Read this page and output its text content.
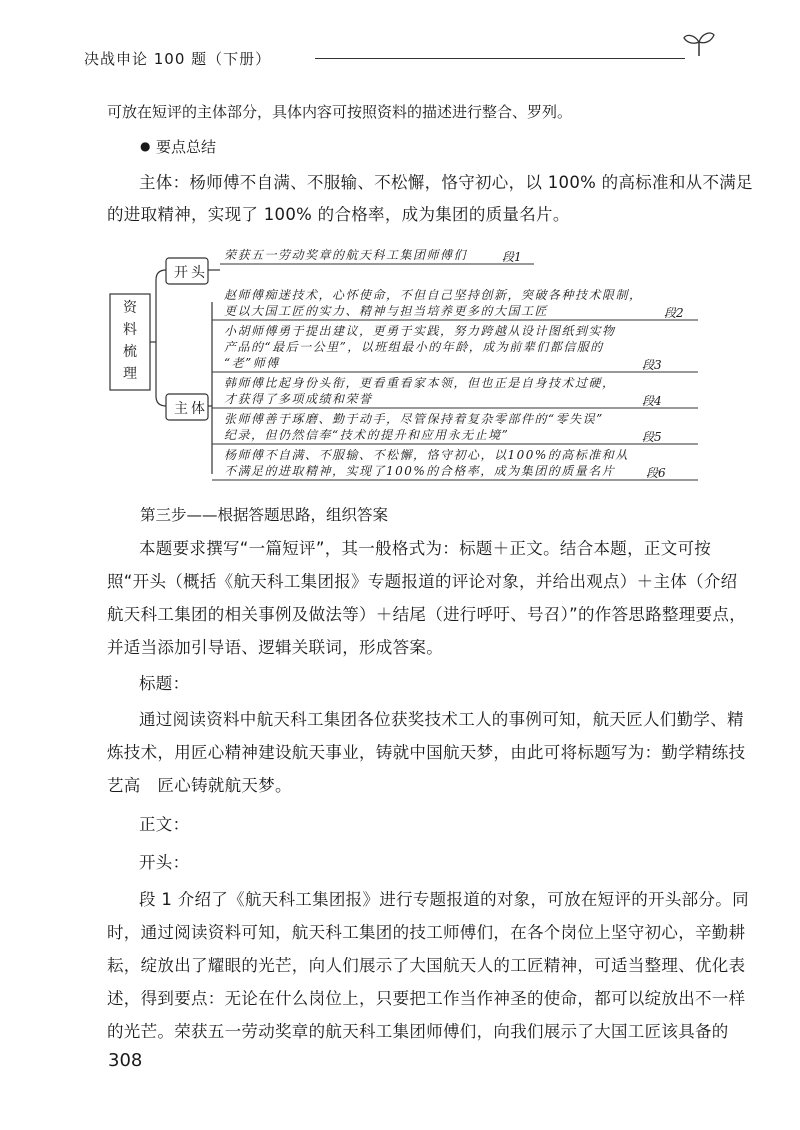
决战申论 100 题（下册）
可放在短评的主体部分，具体内容可按照资料的描述进行整合、罗列。
● 要点总结
主体：杨师傅不自满、不服输、不松懈，恪守初心，以 100% 的高标准和从不满足
的进取精神，实现了 100% 的合格率，成为集团的质量名片。
资
料
梳
理
开头
主体
荣获五一劳动奖章的航天科工集团师傅们	段1
赵师傅痴迷技术，心怀使命，不但自己坚持创新，突破各种技术限制，
更以大国工匠的实力、精神与担当培养更多的大国工匠	段2
小胡师傅勇于提出建议，更勇于实践，努力跨越从设计图纸到实物
产品的“最后一公里”，以班组最小的年龄，成为前辈们都信服的
“老”师傅	段3
韩师傅比起身份头衔，更看重看家本领，但也正是自身技术过硬，
才获得了多项成绩和荣誉	段4
张师傅善于琢磨、勤于动手，尽管保持着复杂零部件的“零失误”
纪录，但仍然信奉“技术的提升和应用永无止境”	段5
杨师傅不自满、不服输、不松懈，恪守初心，以100%的高标准和从
不满足的进取精神，实现了100%的合格率，成为集团的质量名片	段6
第三步——根据答题思路，组织答案
本题要求撰写“一篇短评”，其一般格式为：标题＋正文。结合本题，正文可按
照“开头（概括《航天科工集团报》专题报道的评论对象，并给出观点）＋主体（介绍
航天科工集团的相关事例及做法等）＋结尾（进行呼吁、号召）”的作答思路整理要点，
并适当添加引导语、逻辑关联词，形成答案。
标题：
通过阅读资料中航天科工集团各位获奖技术工人的事例可知，航天匠人们勤学、精
炼技术，用匠心精神建设航天事业，铸就中国航天梦，由此可将标题写为：勤学精练技
艺高　匠心铸就航天梦。
正文：
开头：
段 1 介绍了《航天科工集团报》进行专题报道的对象，可放在短评的开头部分。同
时，通过阅读资料可知，航天科工集团的技工师傅们，在各个岗位上坚守初心，辛勤耕
耘，绽放出了耀眼的光芒，向人们展示了大国航天人的工匠精神，可适当整理、优化表
述，得到要点：无论在什么岗位上，只要把工作当作神圣的使命，都可以绽放出不一样
的光芒。荣获五一劳动奖章的航天科工集团师傅们，向我们展示了大国工匠该具备的
308
